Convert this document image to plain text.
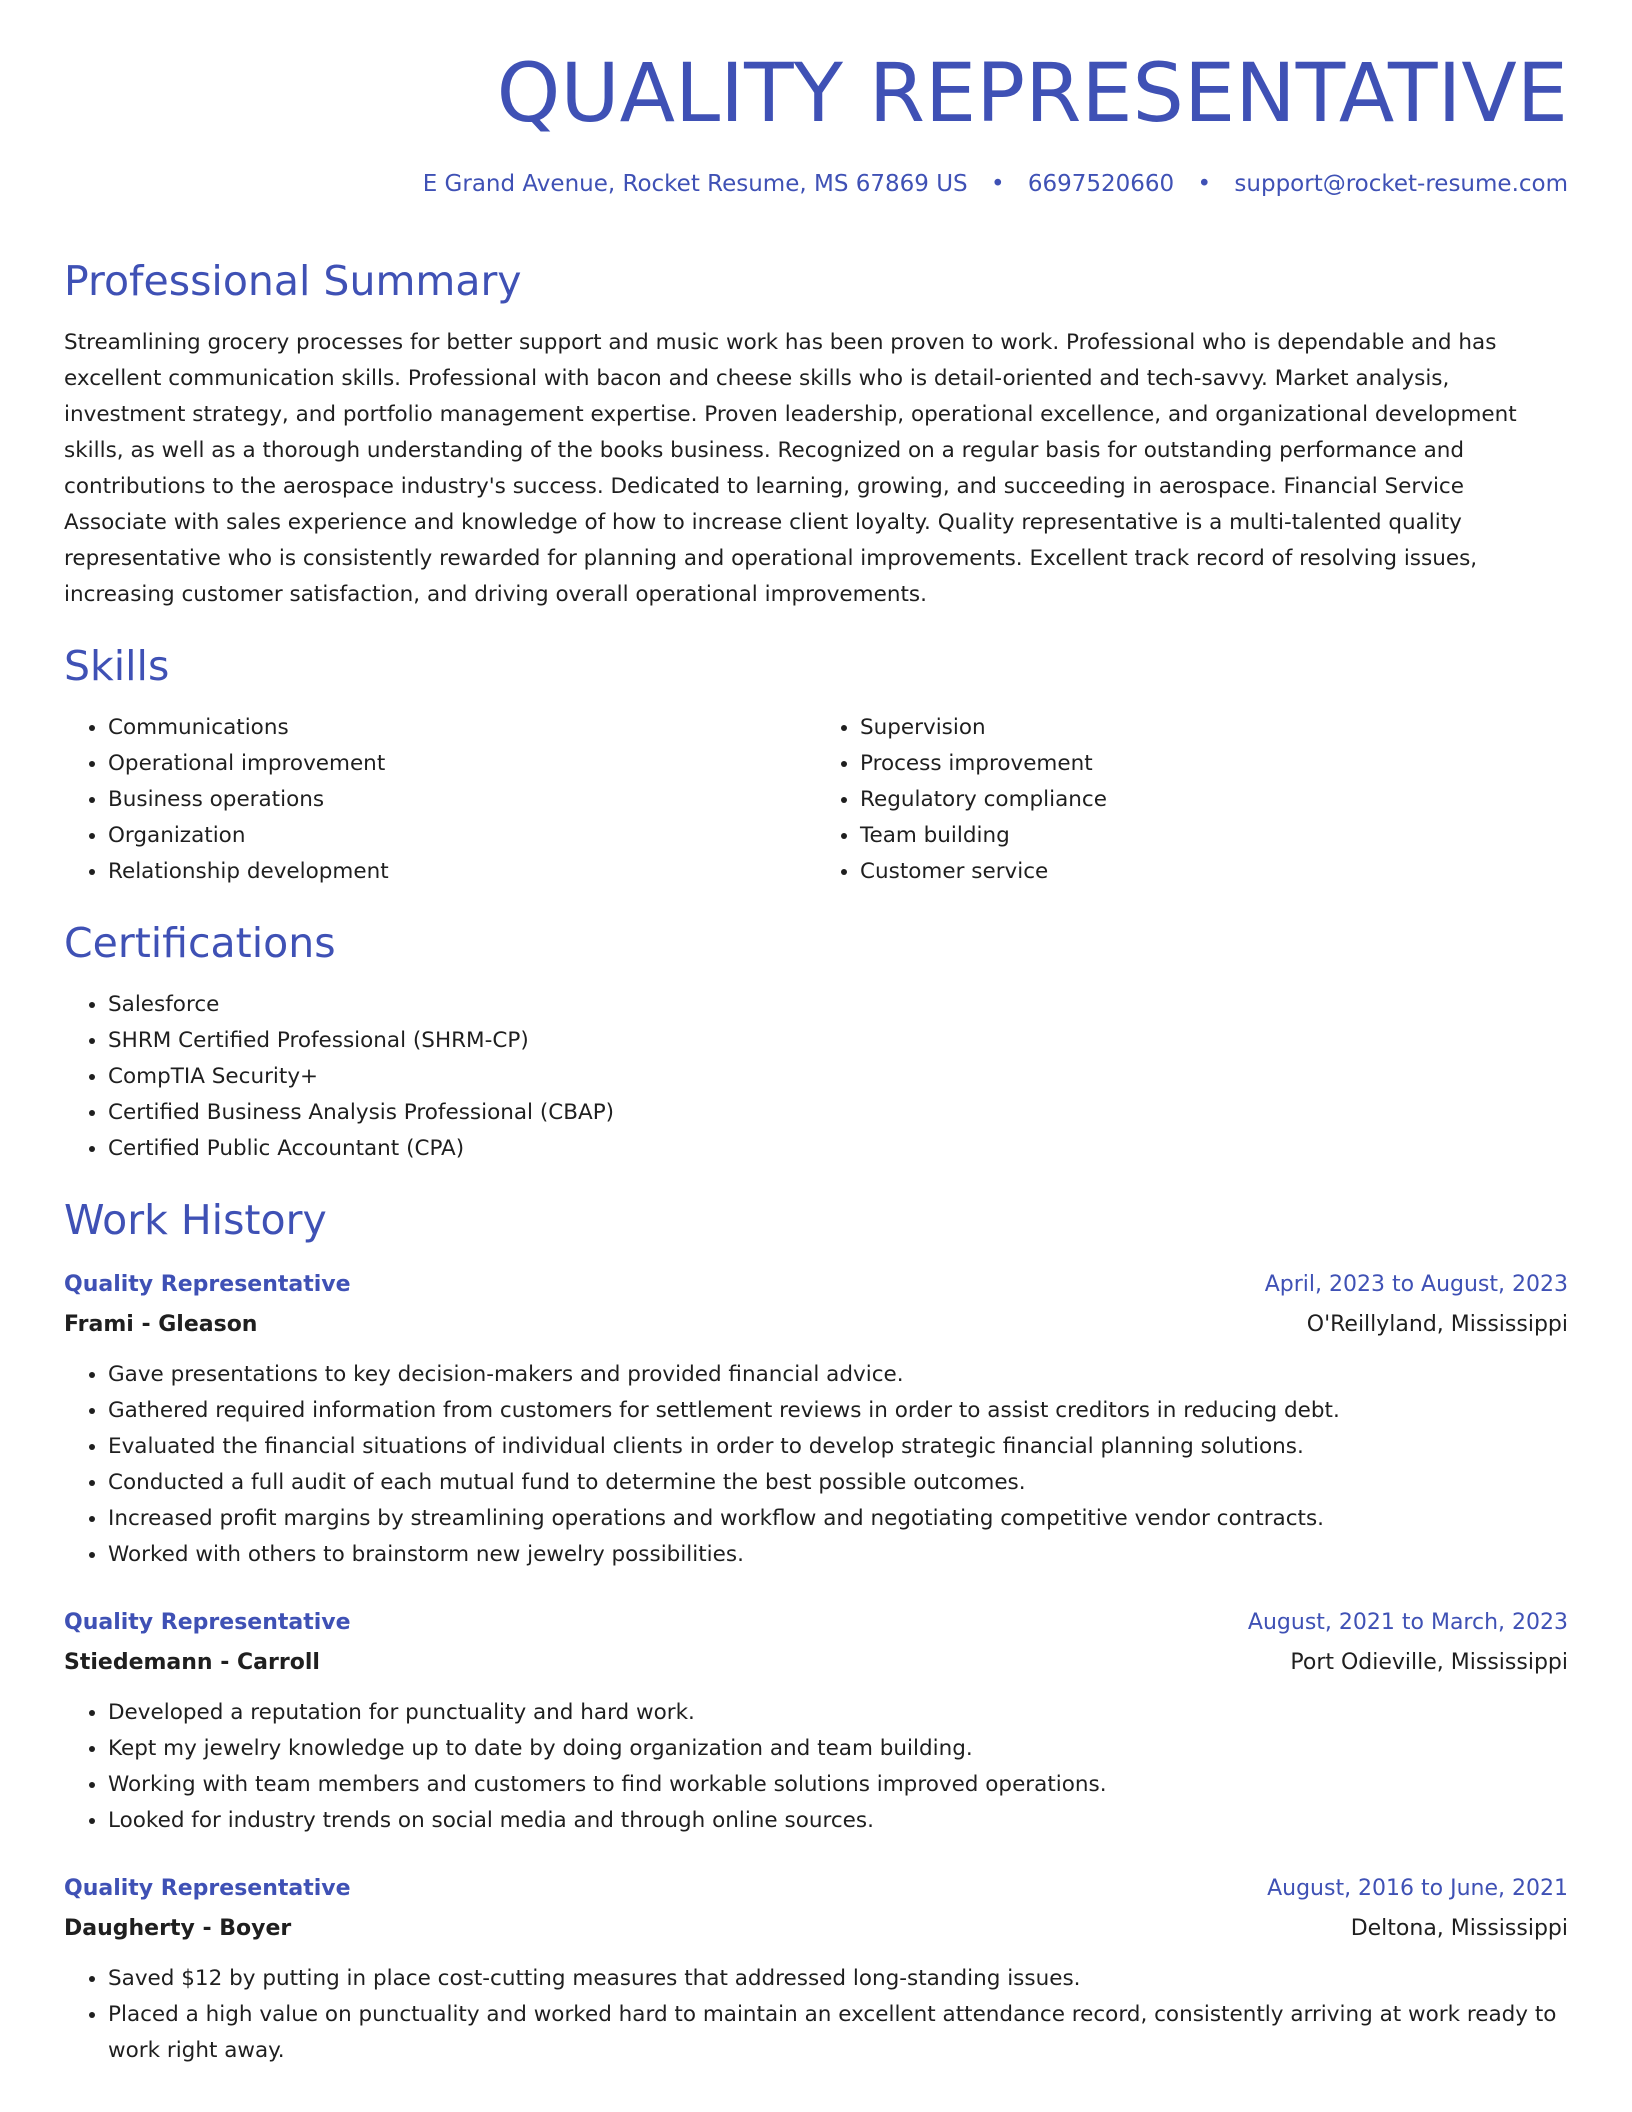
QUALITY REPRESENTATIVE
E Grand Avenue, Rocket Resume, MS 67869 US • 6697520660 • support@rocket-resume.com
Professional Summary

Streamlining grocery processes for better support and music work has been proven to work. Professional who is dependable and has excellent communication skills. Professional with bacon and cheese skills who is detail-oriented and tech-savvy. Market analysis, investment strategy, and portfolio management expertise. Proven leadership, operational excellence, and organizational development skills, as well as a thorough understanding of the books business. Recognized on a regular basis for outstanding performance and contributions to the aerospace industry's success. Dedicated to learning, growing, and succeeding in aerospace. Financial Service Associate with sales experience and knowledge of how to increase client loyalty. Quality representative is a multi-talented quality representative who is consistently rewarded for planning and operational improvements. Excellent track record of resolving issues, increasing customer satisfaction, and driving overall operational improvements.

Skills
• Communications
• Operational improvement
• Business operations
• Organization
• Relationship development
• Supervision
• Process improvement
• Regulatory compliance
• Team building
• Customer service
Certifications
• Salesforce
• SHRM Certified Professional (SHRM-CP)
• CompTIA Security+
• Certified Business Analysis Professional (CBAP)
• Certified Public Accountant (CPA)
Work History
Quality Representative	April, 2023 to August, 2023
Frami - Gleason	O'Reillyland, Mississippi
• Gave presentations to key decision-makers and provided financial advice.
• Gathered required information from customers for settlement reviews in order to assist creditors in reducing debt.
• Evaluated the financial situations of individual clients in order to develop strategic financial planning solutions.
• Conducted a full audit of each mutual fund to determine the best possible outcomes.
• Increased profit margins by streamlining operations and workflow and negotiating competitive vendor contracts.
• Worked with others to brainstorm new jewelry possibilities.
Quality Representative	August, 2021 to March, 2023
Stiedemann - Carroll	Port Odieville, Mississippi
• Developed a reputation for punctuality and hard work.
• Kept my jewelry knowledge up to date by doing organization and team building.
• Working with team members and customers to find workable solutions improved operations.
• Looked for industry trends on social media and through online sources.
Quality Representative	August, 2016 to June, 2021
Daugherty - Boyer	Deltona, Mississippi
• Saved $12 by putting in place cost-cutting measures that addressed long-standing issues.
• Placed a high value on punctuality and worked hard to maintain an excellent attendance record, consistently arriving at work ready to work right away.
